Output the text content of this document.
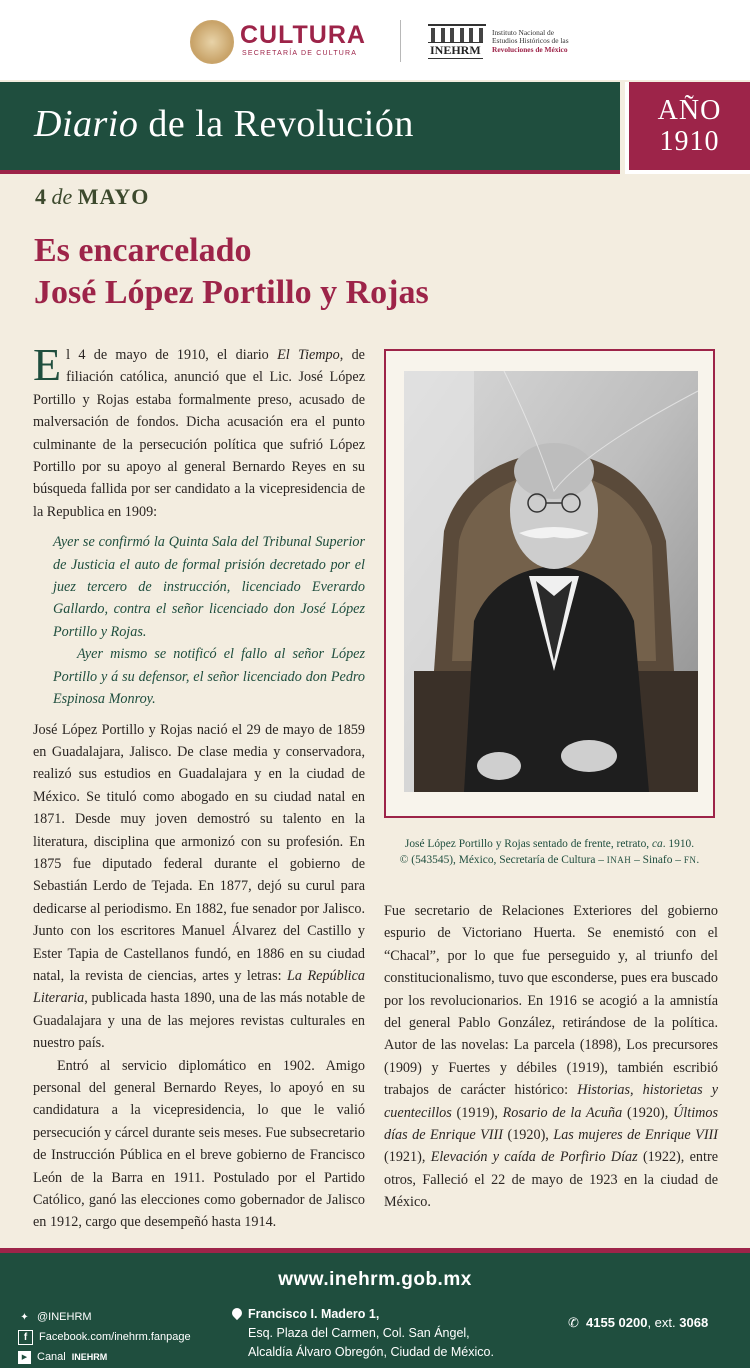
CULTURA
SECRETARÍA DE CULTURA	INEHRM
Instituto Nacional de
Estudios Históricos de las
Revoluciones de México
Diario de la Revolución	AÑO
1910
4 de MAYO
Es encarcelado
José López Portillo y Rojas

El 4 de mayo de 1910, el diario El Tiempo, de filiación católica, anunció que el Lic. José López Portillo y Rojas estaba formalmente preso, acusado de malversación de fondos. Dicha acusación era el punto culminante de la persecución política que sufrió López Portillo por su apoyo al general Bernardo Reyes en su búsqueda fallida por ser candidato a la vicepresidencia de la Republica en 1909:

Ayer se confirmó la Quinta Sala del Tribunal Superior de Justicia el auto de formal prisión decretado por el juez tercero de instrucción, licenciado Everardo Gallardo, contra el señor licenciado don José López Portillo y Rojas.
Ayer mismo se notificó el fallo al señor López Portillo y á su defensor, el señor licenciado don Pedro Espinosa Monroy.

José López Portillo y Rojas nació el 29 de mayo de 1859 en Guadalajara, Jalisco. De clase media y conservadora, realizó sus estudios en Guadalajara y en la ciudad de México. Se tituló como abogado en su ciudad natal en 1871. Desde muy joven demostró su talento en la literatura, disciplina que armonizó con su profesión. En 1875 fue diputado federal durante el gobierno de Sebastián Lerdo de Tejada. En 1877, dejó su curul para dedicarse al periodismo. En 1882, fue senador por Jalisco. Junto con los escritores Manuel Álvarez del Castillo y Ester Tapia de Castellanos fundó, en 1886 en su ciudad natal, la revista de ciencias, artes y letras: La República Literaria, publicada hasta 1890, una de las más notable de Guadalajara y una de las mejores revistas culturales en nuestro país.

Entró al servicio diplomático en 1902. Amigo personal del general Bernardo Reyes, lo apoyó en su candidatura a la vicepresidencia, lo que le valió persecución y cárcel durante seis meses. Fue subsecretario de Instrucción Pública en el breve gobierno de Francisco León de la Barra en 1911. Postulado por el Partido Católico, ganó las elecciones como gobernador de Jalisco en 1912, cargo que desempeñó hasta 1914.

José López Portillo y Rojas sentado de frente, retrato, ca. 1910.
© (543545), México, Secretaría de Cultura – INAH – Sinafo – FN.

Fue secretario de Relaciones Exteriores del gobierno espurio de Victoriano Huerta. Se enemistó con el “Chacal”, por lo que fue perseguido y, al triunfo del constitucionalismo, tuvo que esconderse, pues era buscado por los revolucionarios. En 1916 se acogió a la amnistía del general Pablo González, retirándose de la política. Autor de las novelas: La parcela (1898), Los precursores (1909) y Fuertes y débiles (1919), también escribió trabajos de carácter histórico: Historias, historietas y cuentecillos (1919), Rosario de la Acuña (1920), Últimos días de Enrique VIII (1920), Las mujeres de Enrique VIII (1921), Elevación y caída de Porfirio Díaz (1922), entre otros, Falleció el 22 de mayo de 1923 en la ciudad de México.

www.inehrm.gob.mx
✦ @INEHRM
f	Facebook.com/inehrm.fanpage
▶ Canal INEHRM
Francisco I. Madero 1,
Esq. Plaza del Carmen, Col. San Ángel,
Alcaldía Álvaro Obregón, Ciudad de México.
✆ 4155 0200, ext. 3068
